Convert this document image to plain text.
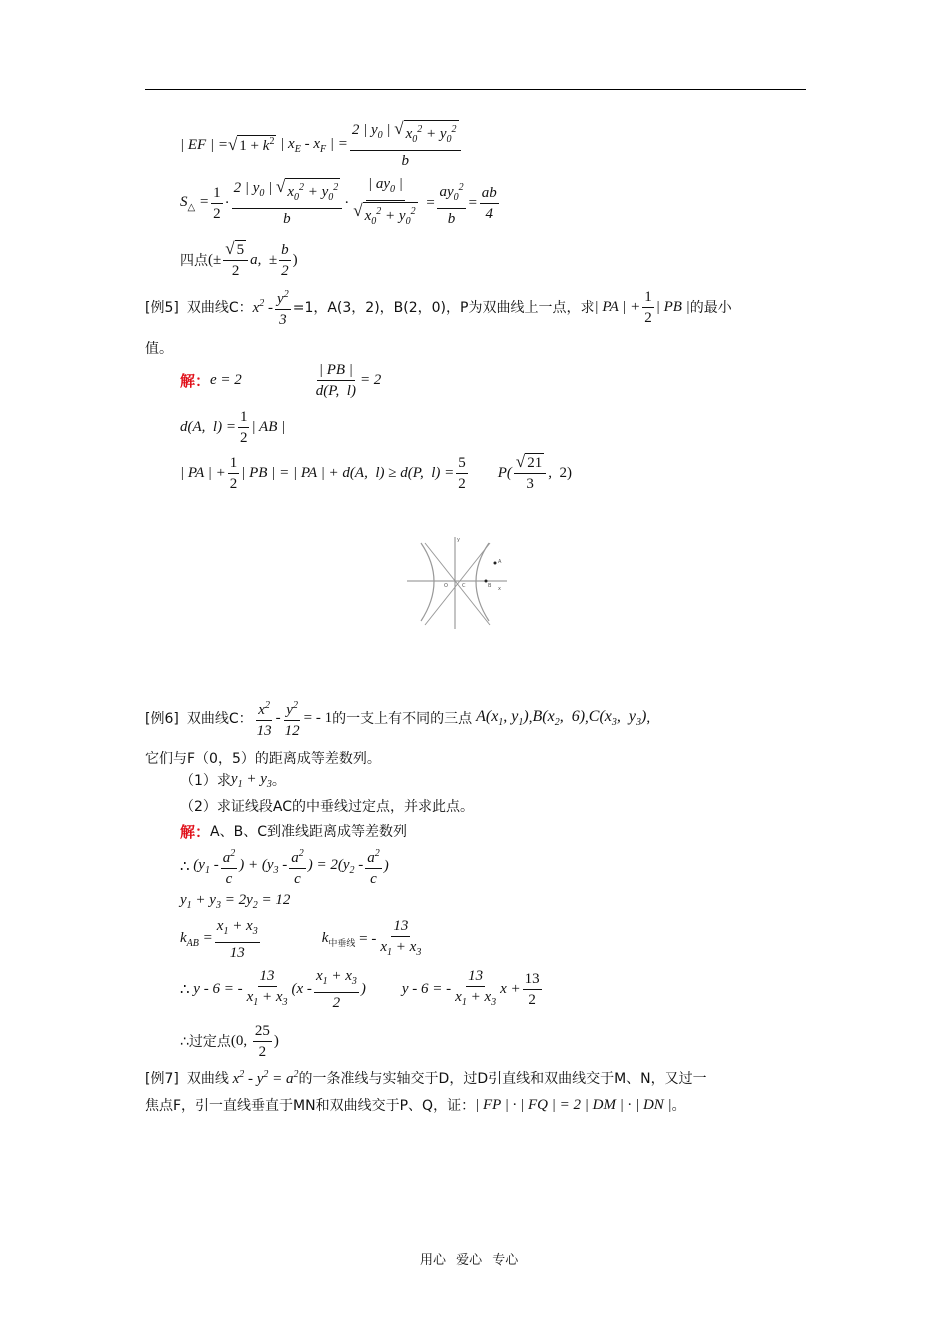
| EF | = √ $1 + k^2$ | $x_E - x_F$ | = $\frac{2 | y_0 | √ x_0^2 + y_0^2}{b}$
$S_\triangle = \frac{1}{2} \cdot \frac{2 | y_0 | √ x_0^2 + y_0^2}{b} \cdot \frac{| ay_0 |}{√ x_0^2 + y_0^2} = \frac{ay_0^2}{b} = \frac{ab}{4}$
四点 (± $\frac{√ 5}{2} a$,  ± $\frac{b}{2}$ )
[例5] 双曲线C： $x^2 - \frac{y^2}{3} =1$，A(3，2)，B(2，0)，P为双曲线上一点，求 | PA | + $\frac{1}{2}$ | PB | 的最小
值。
解： e = 2	$\frac{| PB |}{d(P, l)} = 2$
d(A,  $l) = \frac{1}{2}$ | AB |
| PA | + $\frac{1}{2}$ | PB | = | PA | + d(A,  l) ≥ d(P,  $l) = \frac{5}{2} P( \frac{√ 21}{3}$ ,  2)
y
O	C	B
A
x
[例6] 双曲线C： $\frac{x^2}{13} - \frac{y^2}{12}$ = - 1 的一支上有不同的三点 $A(x_1$, $y_1$) , $B(x_2$,  6) , $C(x_3$,  $y_3$) ,
它们与F（0，5）的距离成等差数列。
（1）求 $y_1 + y_3$ 。
（2）求证线段AC的中垂线过定点，并求此点。
解： A、B、C到准线距离成等差数列
∴ ($y_1 - \frac{a^2}{c}$ ) + ($y_3 - \frac{a^2}{c}$ ) = $2(y_2 - \frac{a^2}{c}$ )
$y_1 + y_3 = 2y_2 = 12$
$k_{AB} = \frac{x_1 + x_3}{13}$	$k_{中垂线}$ = - $\frac{13}{x_1 + x_3}$
∴ y - 6 = - $\frac{13}{x_1 + x_3} (x - \frac{x_1 + x_3}{2}$ ) y - 6 = - $\frac{13}{x_1 + x_3}$ $x + \frac{13}{2}$
∴过定点 (0, $\frac{25}{2}$ )
[例7] 双曲线 $x^2 - y^2 = a^2$ 的一条准线与实轴交于D，过D引直线和双曲线交于M、N，又过一
焦点F，引一直线垂直于MN和双曲线交于P、Q，证： | FP | · | FQ | = 2 | DM | · | DN | 。
用心 爱心 专心
